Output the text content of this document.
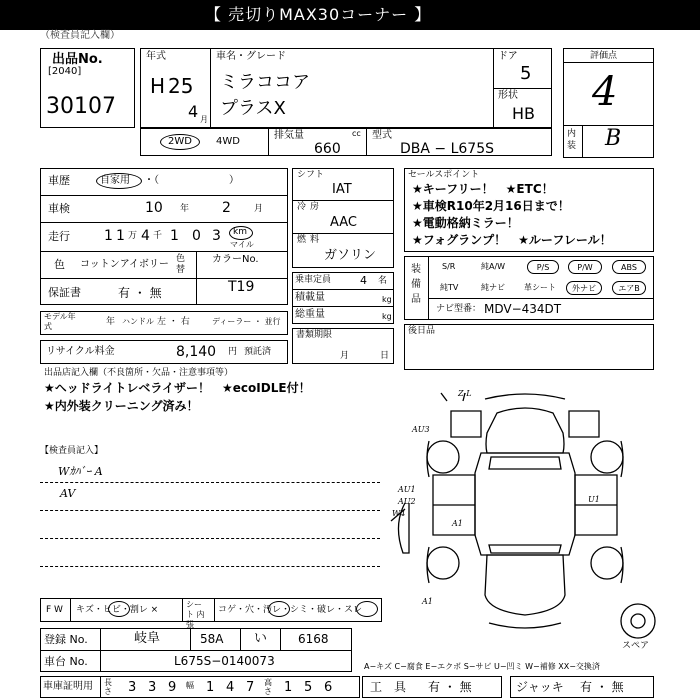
【 売切りMAX30コーナー 】
（検査員記入欄）
出品No.
[2040]
30107
年式
H 25
4 月
車名・グレード
ミラココア
プラスX
ドア
5
形状
HB
評価点
4
内装 B
2WD 4WD
排気量	cc
660
型式
DBA − L675S
車歴	自家用 ・（　　　　　　　）
車検	10 年 2	月
走行 1 1 万 4 千 1 0 3 km
マイル
色 コットンアイボリー 色替
カラーNo.
保証書	有 ・ 無	T19
モデル年式	年 ハンドル 左 ・ 右	ディーラー ・ 並行
リサイクル料金	8,140 円 預託済
シフト
IAT
冷房
AAC
燃料
ガソリン
乗車定員	4 名
積載量	kg
総重量	kg
書類期限
月	日
セールスポイント
★キーフリー！　★ETC！
★車検R10年2月16日まで！
★電動格納ミラー！
★フォグランプ！　★ルーフレール！
装備品
S/R	純A/W	P/S	P/W	ABS
純TV	純ナビ 革シート	外ナビ	エアB
ナビ型番： MDV−434DT
後日品
出品店記入欄（不良箇所・欠品・注意事項等）
★ヘッドライトレベライザー！　★ecoIDLE付！
★内外装クリーニング済み！
【検査員記入】
Wｶﾊﾞｰ A
AV
Z-L
AU3
AU1
AU2
W4
A1
U1
A1
スペア
F W キズ・ヒビ・割レ ×
シート 内張
コゲ・穴・汚レ・シミ・破レ・スレ
登録 No.	岐阜	58A い	6168
車台 No.	L675S−0140073	A−キズ C−腐食 E−エクボ S−サビ U−凹ミ W−補修 XX−交換済
車庫証明用 長さ 3 3 9 幅 1 4 7 高さ 1 5 6	工　具 有 ・ 無	ジャッキ 有 ・ 無
